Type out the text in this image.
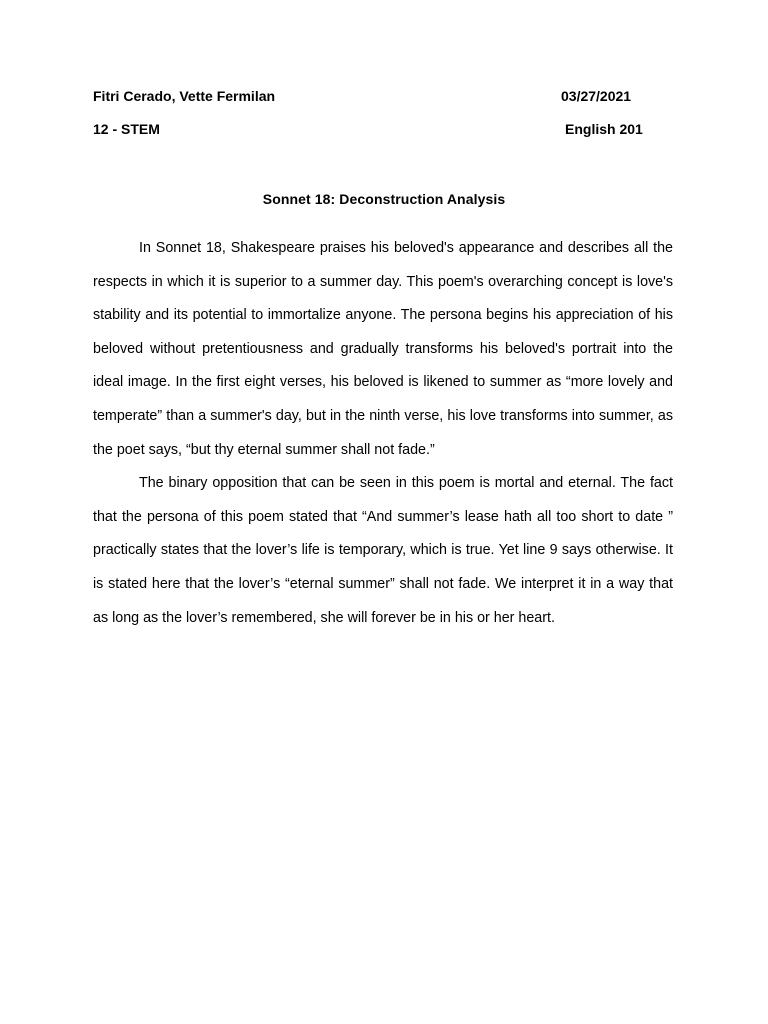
Fitri Cerado, Vette Fermilan	03/27/2021
12 - STEM	English 201
Sonnet 18: Deconstruction Analysis

In Sonnet 18, Shakespeare praises his beloved's appearance and describes all the respects in which it is superior to a summer day. This poem's overarching concept is love's stability and its potential to immortalize anyone. The persona begins his appreciation of his beloved without pretentiousness and gradually transforms his beloved's portrait into the ideal image. In the first eight verses, his beloved is likened to summer as “more lovely and temperate” than a summer's day, but in the ninth verse, his love transforms into summer, as the poet says, “but thy eternal summer shall not fade.”

The binary opposition that can be seen in this poem is mortal and eternal. The fact that the persona of this poem stated that “And summer’s lease hath all too short to date ” practically states that the lover’s life is temporary, which is true. Yet line 9 says otherwise. It is stated here that the lover’s “eternal summer” shall not fade. We interpret it in a way that as long as the lover’s remembered, she will forever be in his or her heart.
